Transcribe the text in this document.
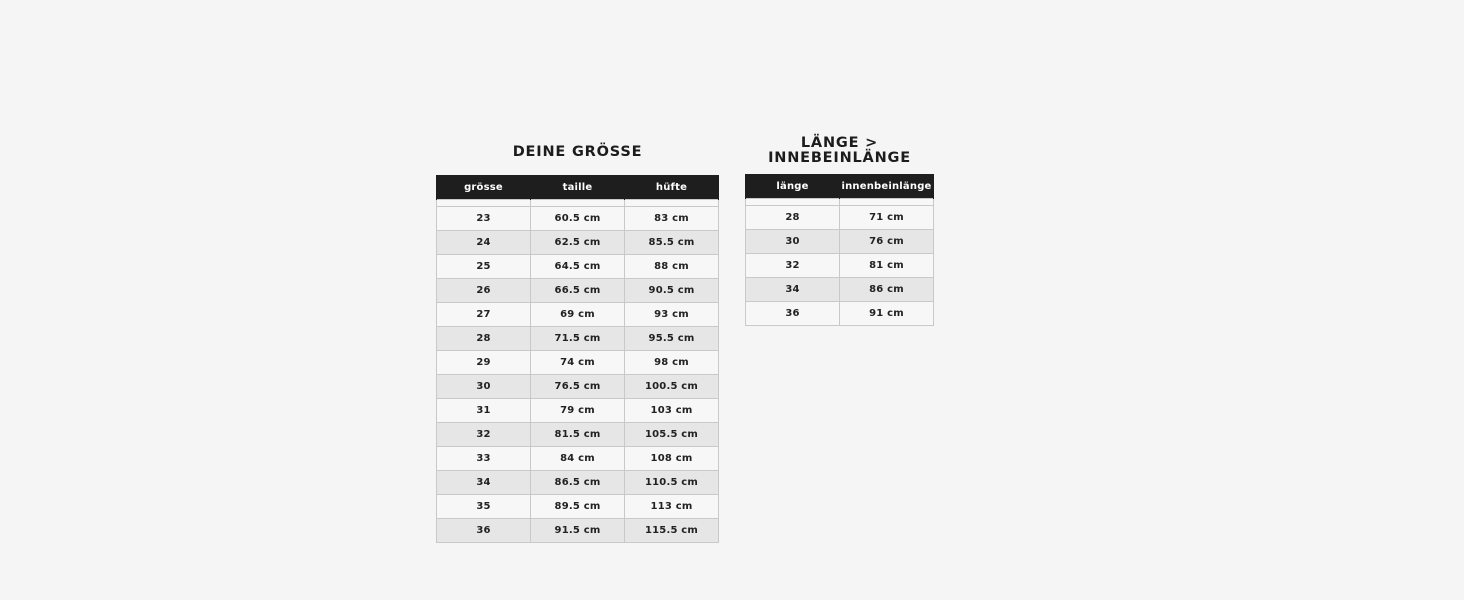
DEINE GRÖSSE
grösse	taille	hüfte

23	60.5 cm	83 cm
24	62.5 cm	85.5 cm
25	64.5 cm	88 cm
26	66.5 cm	90.5 cm
27	69 cm	93 cm
28	71.5 cm	95.5 cm
29	74 cm	98 cm
30	76.5 cm	100.5 cm
31	79 cm	103 cm
32	81.5 cm	105.5 cm
33	84 cm	108 cm
34	86.5 cm	110.5 cm
35	89.5 cm	113 cm
36	91.5 cm	115.5 cm
LÄNGE >
INNEBEINLÄNGE
länge	innenbeinlänge

28	71 cm
30	76 cm
32	81 cm
34	86 cm
36	91 cm
